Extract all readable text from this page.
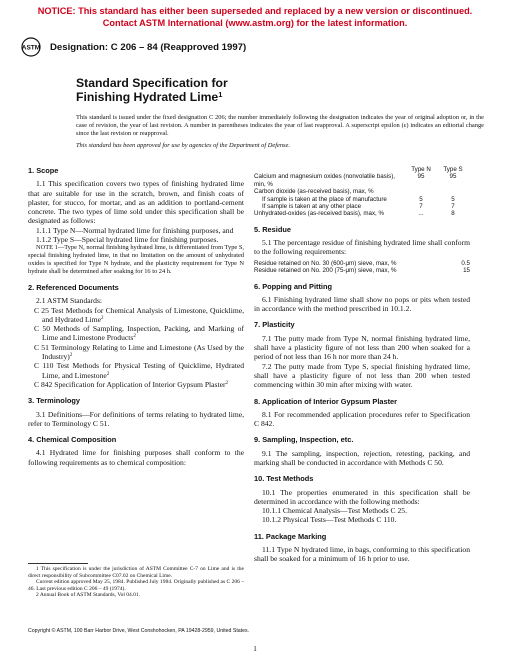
NOTICE: This standard has either been superseded and replaced by a new version or discontinued.
Contact ASTM International (www.astm.org) for the latest information.
ASTM Designation: C 206 – 84 (Reapproved 1997)
Standard Specification for
Finishing Hydrated Lime$^1$
This standard is issued under the fixed designation C 206; the number immediately following the designation indicates the year of original adoption or, in the case of revision, the year of last revision. A number in parentheses indicates the year of last reapproval. A superscript epsilon (ε) indicates an editorial change since the last revision or reapproval.
This standard has been approved for use by agencies of the Department of Defense.
1. Scope

1.1 This specification covers two types of finishing hydrated lime that are suitable for use in the scratch, brown, and finish coats of plaster, for stucco, for mortar, and as an addition to portland-cement concrete. The two types of lime sold under this specification shall be designated as follows:

1.1.1 Type N—Normal hydrated lime for finishing purposes, and

1.1.2 Type S—Special hydrated lime for finishing purposes.

NOTE 1—Type N, normal finishing hydrated lime, is differentiated from Type S, special finishing hydrated lime, in that no limitation on the amount of unhydrated oxides is specified for Type N hydrate, and the plasticity requirement for Type N hydrate shall be determined after soaking for 16 to 24 h.

2. Referenced Documents

2.1 ASTM Standards:

C 25 Test Methods for Chemical Analysis of Limestone, Quicklime, and Hydrated Lime$^2$

C 50 Methods of Sampling, Inspection, Packing, and Marking of Lime and Limestone Products$^2$

C 51 Terminology Relating to Lime and Limestone (As Used by the Industry)$^2$

C 110 Test Methods for Physical Testing of Quicklime, Hydrated Lime, and Limestone$^2$

C 842 Specification for Application of Interior Gypsum Plaster$^2$

3. Terminology

3.1 Definitions—For definitions of terms relating to hydrated lime, refer to Terminology C 51.

4. Chemical Composition

4.1 Hydrated lime for finishing purposes shall conform to the following requirements as to chemical composition:

1 This specification is under the jurisdiction of ASTM Committee C-7 on Lime and is the direct responsibility of Subcommittee C07.02 on Chemical Lime.

Current edition approved May 25, 1984. Published July 1984. Originally published as C 206 – 46. Last previous edition C 206 – 49 (1974).

2 Annual Book of ASTM Standards, Vol 04.01.

Type N	Type S
Calcium and magnesium oxides (nonvolatile basis), min, %
95	95
Carbon dioxide (as-received basis), max, %
If sample is taken at the place of manufacture	5	5
If sample is taken at any other place	7	7
Unhydrated-oxides (as-received basis), max, %	...	8
5. Residue

5.1 The percentage residue of finishing hydrated lime shall conform to the following requirements:

Residue retained on No. 30 (600-μm) sieve, max, %	0.5
Residue retained on No. 200 (75-μm) sieve, max, %	15
6. Popping and Pitting

6.1 Finishing hydrated lime shall show no pops or pits when tested in accordance with the method prescribed in 10.1.2.

7. Plasticity

7.1 The putty made from Type N, normal finishing hydrated lime, shall have a plasticity figure of not less than 200 when soaked for a period of not less than 16 h nor more than 24 h.

7.2 The putty made from Type S, special finishing hydrated lime, shall have a plasticity figure of not less than 200 when tested commencing within 30 min after mixing with water.

8. Application of Interior Gypsum Plaster

8.1 For recommended application procedures refer to Specification C 842.

9. Sampling, Inspection, etc.

9.1 The sampling, inspection, rejection, retesting, packing, and marking shall be conducted in accordance with Methods C 50.

10. Test Methods

10.1 The properties enumerated in this specification shall be determined in accordance with the following methods:

10.1.1 Chemical Analysis—Test Methods C 25.

10.1.2 Physical Tests—Test Methods C 110.

11. Package Marking

11.1 Type N hydrated lime, in bags, conforming to this specification shall be soaked for a minimum of 16 h prior to use.

Copyright © ASTM, 100 Barr Harbor Drive, West Conshohocken, PA 19428-2959, United States.
1
